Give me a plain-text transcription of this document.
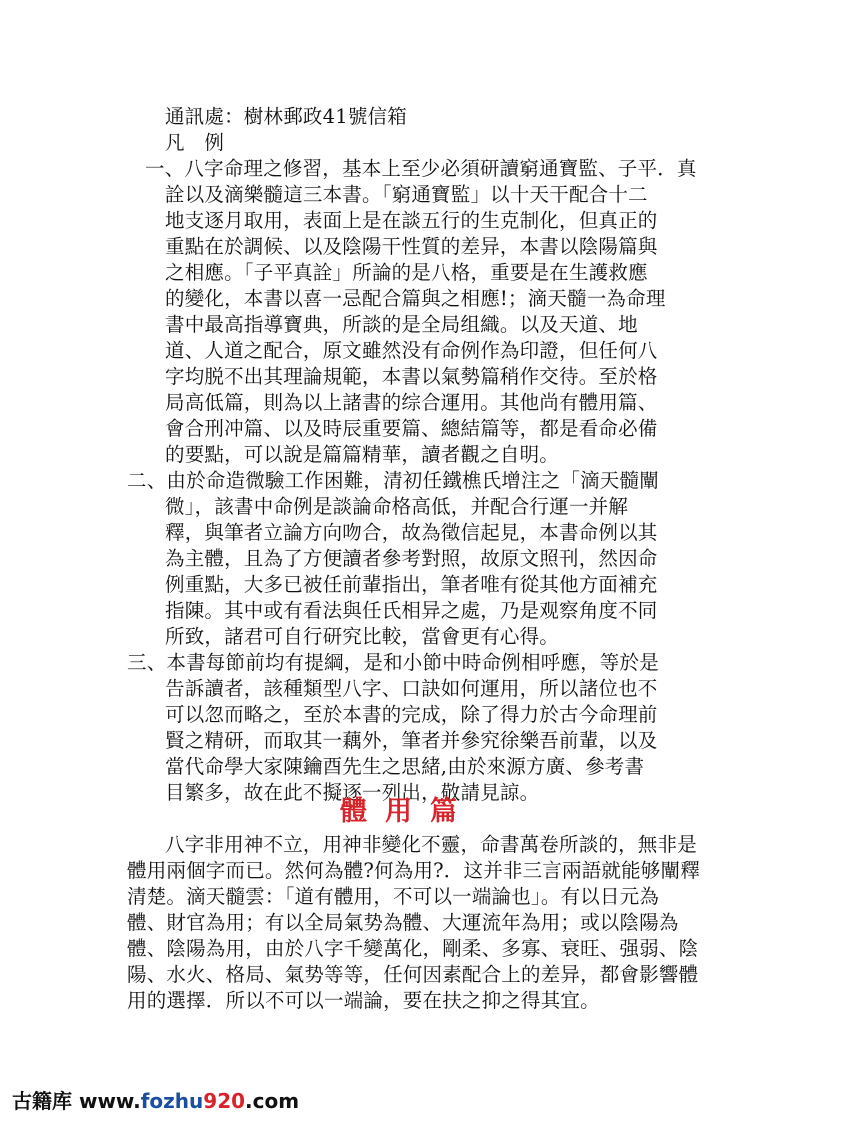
通訊處：樹林郵政41號信箱
凡　例
一、八字命理之修習，基本上至少必須研讀窮通寶監、子平．真
詮以及滴樂髓這三本書。「窮通寶監」以十天干配合十二
地支逐月取用，表面上是在談五行的生克制化，但真正的
重點在於調候、以及陰陽干性質的差异，本書以陰陽篇與
之相應。「子平真詮」所論的是八格，重要是在生護救應
的變化，本書以喜一忌配合篇與之相應!；滴天髓一為命理
書中最高指導寶典，所談的是全局组織。以及天道、地
道、人道之配合，原文雖然没有命例作為印證，但任何八
字均脱不出其理論規範，本書以氣勢篇稍作交待。至於格
局高低篇，則為以上諸書的综合運用。其他尚有體用篇、
會合刑冲篇、以及時辰重要篇、總結篇等，都是看命必備
的要點，可以說是篇篇精華，讀者觀之自明。
二、由於命造微驗工作困難，清初任鐵樵氏增注之「滴天髓闡
微」，該書中命例是談論命格高低，并配合行運一并解
釋，與筆者立論方向吻合，故為徵信起見，本書命例以其
為主體，且為了方便讀者參考對照，故原文照刊，然因命
例重點，大多已被任前輩指出，筆者唯有從其他方面補充
指陳。其中或有看法與任氏相异之處，乃是观察角度不同
所致，諸君可自行研究比較，當會更有心得。
三、本書每節前均有提綱，是和小節中時命例相呼應，等於是
告訴讀者，該種類型八字、口訣如何運用，所以諸位也不
可以忽而略之，至於本書的完成，除了得力於古今命理前
賢之精研，而取其一藕外，筆者并參究徐樂吾前輩，以及
當代命學大家陳鑰酉先生之思緒,由於來源方廣、參考書
目繁多，故在此不擬逐一列出，敬請見諒。
體用篇
八字非用神不立，用神非變化不靈，命書萬卷所談的，無非是
體用兩個字而已。然何為體?何為用?．这并非三言兩語就能够闡釋
清楚。滴天髓雲：「道有體用，不可以一端論也」。有以日元為
體、財官為用；有以全局氣势為體、大運流年為用；或以陰陽為
體、陰陽為用，由於八字千變萬化，剛柔、多寡、衰旺、强弱、陰
陽、水火、格局、氣势等等，任何因素配合上的差异，都會影響體
用的選擇．所以不可以一端論，要在扶之抑之得其宜。
古籍库 www.fozhu920.com
